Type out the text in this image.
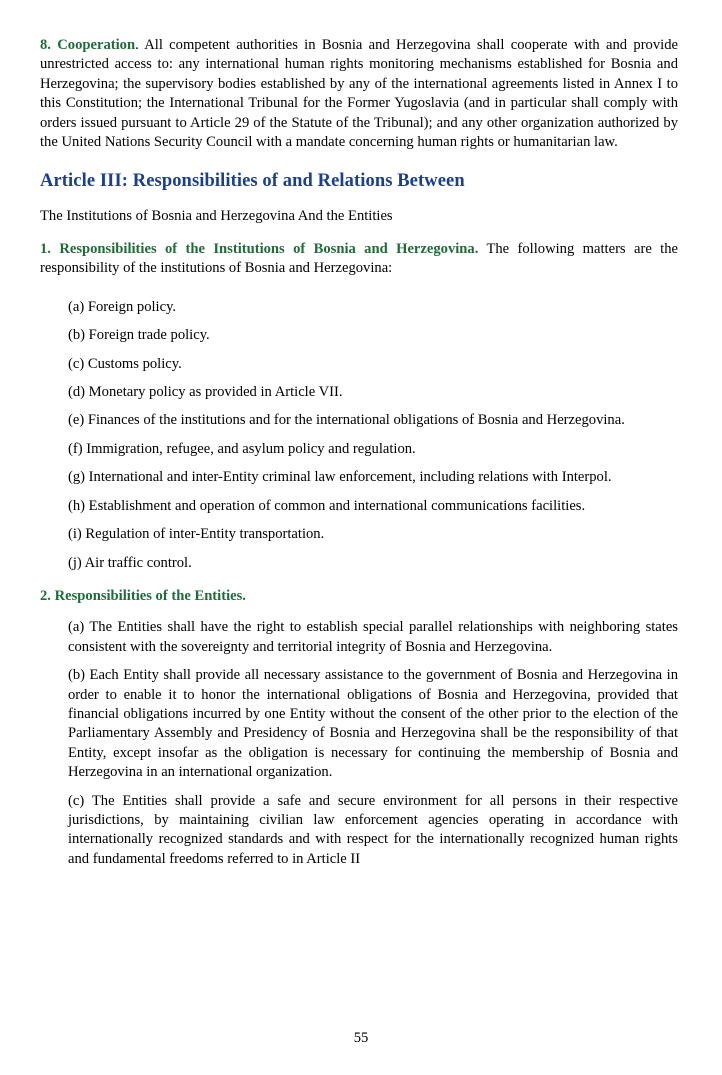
8. Cooperation. All competent authorities in Bosnia and Herzegovina shall cooperate with and provide unrestricted access to: any international human rights monitoring mechanisms established for Bosnia and Herzegovina; the supervisory bodies established by any of the international agreements listed in Annex I to this Constitution; the International Tribunal for the Former Yugoslavia (and in particular shall comply with orders issued pursuant to Article 29 of the Statute of the Tribunal); and any other organization authorized by the United Nations Security Council with a mandate concerning human rights or humanitarian law.

Article III: Responsibilities of and Relations Between

The Institutions of Bosnia and Herzegovina And the Entities

1. Responsibilities of the Institutions of Bosnia and Herzegovina. The following matters are the responsibility of the institutions of Bosnia and Herzegovina:

(a) Foreign policy.

(b) Foreign trade policy.

(c) Customs policy.

(d) Monetary policy as provided in Article VII.

(e) Finances of the institutions and for the international obligations of Bosnia and Herzegovina.

(f) Immigration, refugee, and asylum policy and regulation.

(g) International and inter-Entity criminal law enforcement, including relations with Interpol.

(h) Establishment and operation of common and international communications facilities.

(i) Regulation of inter-Entity transportation.

(j) Air traffic control.

2. Responsibilities of the Entities.

(a) The Entities shall have the right to establish special parallel relationships with neighboring states consistent with the sovereignty and territorial integrity of Bosnia and Herzegovina.

(b) Each Entity shall provide all necessary assistance to the government of Bosnia and Herzegovina in order to enable it to honor the international obligations of Bosnia and Herzegovina, provided that financial obligations incurred by one Entity without the consent of the other prior to the election of the Parliamentary Assembly and Presidency of Bosnia and Herzegovina shall be the responsibility of that Entity, except insofar as the obligation is necessary for continuing the membership of Bosnia and Herzegovina in an international organization.

(c) The Entities shall provide a safe and secure environment for all persons in their respective jurisdictions, by maintaining civilian law enforcement agencies operating in accordance with internationally recognized standards and with respect for the internationally recognized human rights and fundamental freedoms referred to in Article II

55
